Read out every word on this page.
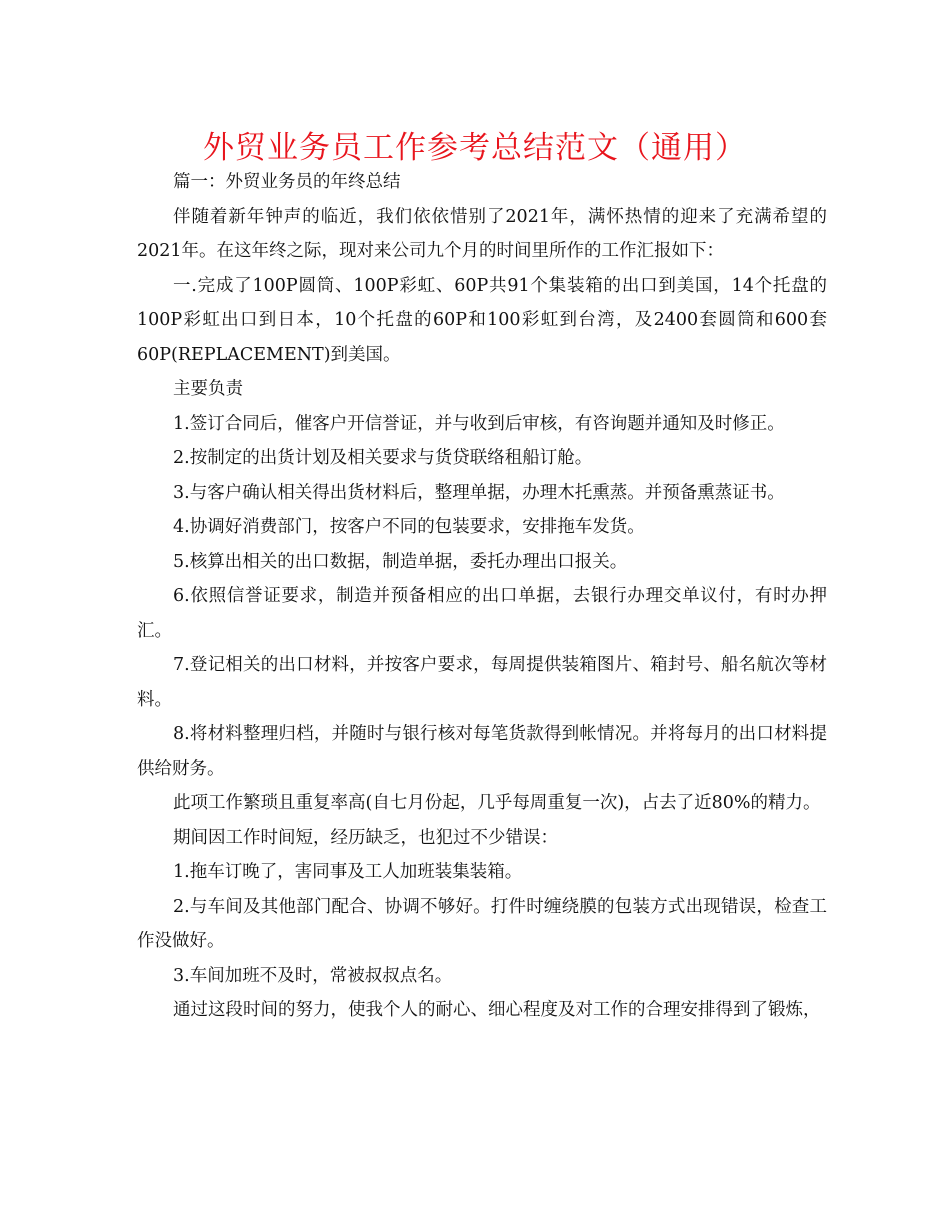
外贸业务员工作参考总结范文（通用）

篇一：外贸业务员的年终总结

伴随着新年钟声的临近，我们依依惜别了2021年，满怀热情的迎来了充满希望的2021年。在这年终之际，现对来公司九个月的时间里所作的工作汇报如下：

一.完成了100P圆筒、100P彩虹、60P共91个集装箱的出口到美国，14个托盘的100P彩虹出口到日本，10个托盘的60P和100彩虹到台湾，及2400套圆筒和600套60P(REPLACEMENT)到美国。

主要负责

1.签订合同后，催客户开信誉证，并与收到后审核，有咨询题并通知及时修正。

2.按制定的出货计划及相关要求与货贷联络租船订舱。

3.与客户确认相关得出货材料后，整理单据，办理木托熏蒸。并预备熏蒸证书。

4.协调好消费部门，按客户不同的包装要求，安排拖车发货。

5.核算出相关的出口数据，制造单据，委托办理出口报关。

6.依照信誉证要求，制造并预备相应的出口单据，去银行办理交单议付，有时办押汇。

7.登记相关的出口材料，并按客户要求，每周提供装箱图片、箱封号、船名航次等材料。

8.将材料整理归档，并随时与银行核对每笔货款得到帐情况。并将每月的出口材料提供给财务。

此项工作繁琐且重复率高(自七月份起，几乎每周重复一次)，占去了近80%的精力。

期间因工作时间短，经历缺乏，也犯过不少错误：

1.拖车订晚了，害同事及工人加班装集装箱。

2.与车间及其他部门配合、协调不够好。打件时缠绕膜的包装方式出现错误，检查工作没做好。

3.车间加班不及时，常被叔叔点名。

通过这段时间的努力，使我个人的耐心、细心程度及对工作的合理安排得到了锻炼，
